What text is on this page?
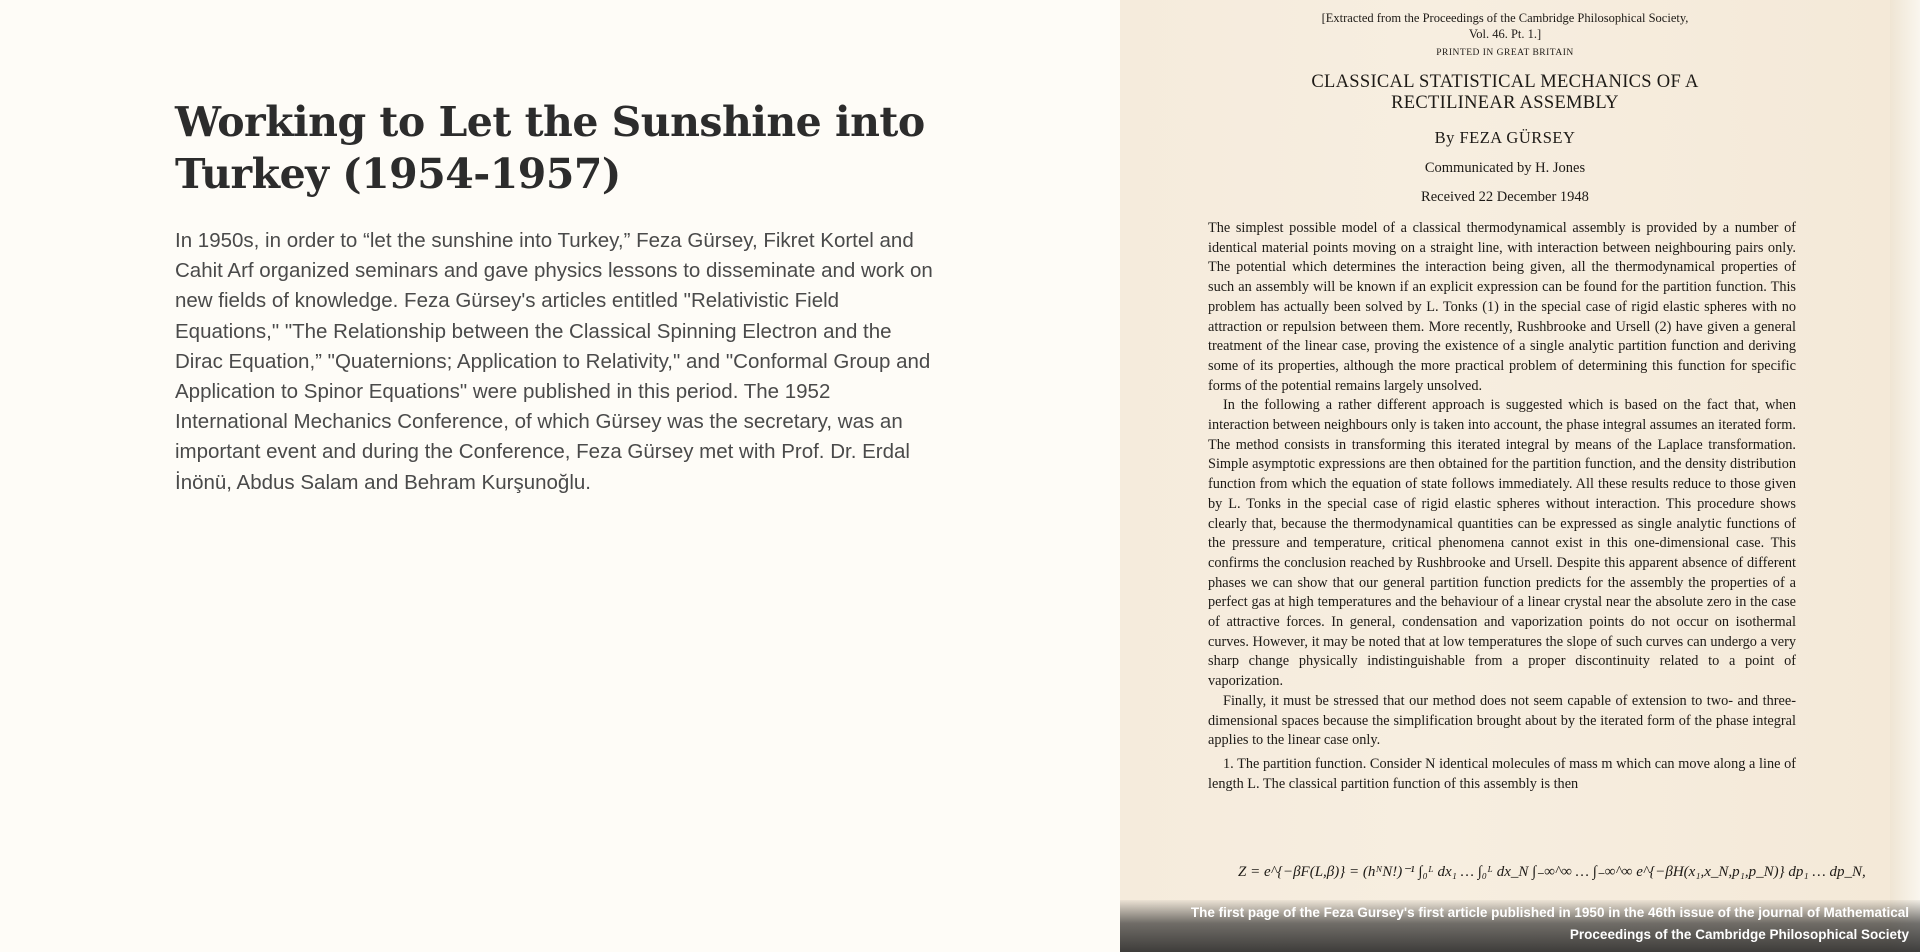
Working to Let the Sunshine into Turkey (1954-1957)

In 1950s, in order to “let the sunshine into Turkey,” Feza Gürsey, Fikret Kortel and Cahit Arf organized seminars and gave physics lessons to disseminate and work on new fields of knowledge. Feza Gürsey's articles entitled "Relativistic Field Equations," "The Relationship between the Classical Spinning Electron and the Dirac Equation,” "Quaternions; Application to Relativity," and "Conformal Group and Application to Spinor Equations" were published in this period. The 1952 International Mechanics Conference, of which Gürsey was the secretary, was an important event and during the Conference, Feza Gürsey met with Prof. Dr. Erdal İnönü, Abdus Salam and Behram Kurşunoğlu.

[Extracted from the Proceedings of the Cambridge Philosophical Society,
Vol. 46. Pt. 1.]
PRINTED IN GREAT BRITAIN
CLASSICAL STATISTICAL MECHANICS OF A
RECTILINEAR ASSEMBLY
By FEZA GÜRSEY
Communicated by H. Jones
Received 22 December 1948

The simplest possible model of a classical thermodynamical assembly is provided by a number of identical material points moving on a straight line, with interaction between neighbouring pairs only. The potential which determines the interaction being given, all the thermodynamical properties of such an assembly will be known if an explicit expression can be found for the partition function. This problem has actually been solved by L. Tonks (1) in the special case of rigid elastic spheres with no attraction or repulsion between them. More recently, Rushbrooke and Ursell (2) have given a general treatment of the linear case, proving the existence of a single analytic partition function and deriving some of its properties, although the more practical problem of determining this function for specific forms of the potential remains largely unsolved.

In the following a rather different approach is suggested which is based on the fact that, when interaction between neighbours only is taken into account, the phase integral assumes an iterated form. The method consists in transforming this iterated integral by means of the Laplace transformation. Simple asymptotic expressions are then obtained for the partition function, and the density distribution function from which the equation of state follows immediately. All these results reduce to those given by L. Tonks in the special case of rigid elastic spheres without interaction. This procedure shows clearly that, because the thermodynamical quantities can be expressed as single analytic functions of the pressure and temperature, critical phenomena cannot exist in this one-dimensional case. This confirms the conclusion reached by Rushbrooke and Ursell. Despite this apparent absence of different phases we can show that our general partition function predicts for the assembly the properties of a perfect gas at high temperatures and the behaviour of a linear crystal near the absolute zero in the case of attractive forces. In general, condensation and vaporization points do not occur on isothermal curves. However, it may be noted that at low temperatures the slope of such curves can undergo a very sharp change physically indistinguishable from a proper discontinuity related to a point of vaporization.

Finally, it must be stressed that our method does not seem capable of extension to two- and three-dimensional spaces because the simplification brought about by the iterated form of the phase integral applies to the linear case only.

1. The partition function. Consider N identical molecules of mass m which can move along a line of length L. The classical partition function of this assembly is then

Z = e^{−βF(L,β)} = (hᴺN!)⁻¹ ∫₀ᴸ dx₁ … ∫₀ᴸ dx_N ∫₋∞^∞ … ∫₋∞^∞ e^{−βH(x₁,x_N,p₁,p_N)} dp₁ … dp_N,
The first page of the Feza Gursey's first article published in 1950 in the 46th issue of the journal of Mathematical Proceedings of the Cambridge Philosophical Society
